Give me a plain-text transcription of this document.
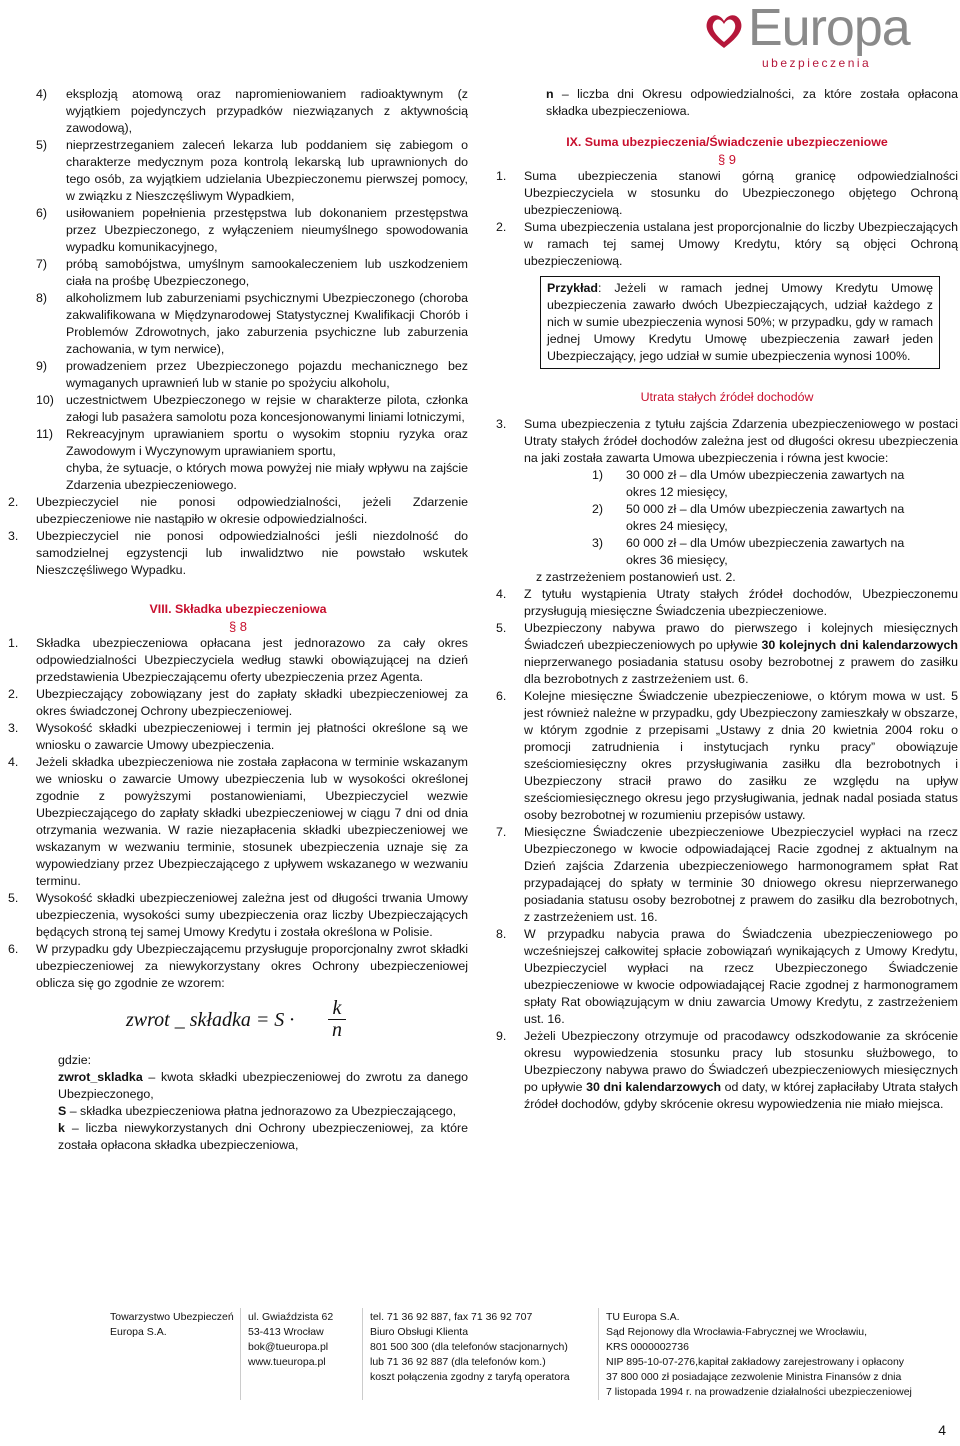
Europa
ubezpieczenia
4) eksplozją atomową oraz napromieniowaniem radioaktywnym (z wyjątkiem pojedynczych przypadków niezwiązanych z aktywnością zawodową),
5) nieprzestrzeganiem zaleceń lekarza lub poddaniem się zabiegom o charakterze medycznym poza kontrolą lekarską lub uprawnionych do tego osób, za wyjątkiem udzielania Ubezpieczonemu pierwszej pomocy, w związku z Nieszczęśliwym Wypadkiem,
6) usiłowaniem popełnienia przestępstwa lub dokonaniem przestępstwa przez Ubezpieczonego, z wyłączeniem nieumyślnego spowodowania wypadku komunikacyjnego,
7) próbą samobójstwa, umyślnym samookaleczeniem lub uszkodzeniem ciała na prośbę Ubezpieczonego,
8) alkoholizmem lub zaburzeniami psychicznymi Ubezpieczonego (choroba zakwalifikowana w Międzynarodowej Statystycznej Kwalifikacji Chorób i Problemów Zdrowotnych, jako zaburzenia psychiczne lub zaburzenia zachowania, w tym nerwice),
9) prowadzeniem przez Ubezpieczonego pojazdu mechanicznego bez wymaganych uprawnień lub w stanie po spożyciu alkoholu,
10) uczestnictwem Ubezpieczonego w rejsie w charakterze pilota, członka załogi lub pasażera samolotu poza koncesjonowanymi liniami lotniczymi,
11) Rekreacyjnym uprawianiem sportu o wysokim stopniu ryzyka oraz Zawodowym i Wyczynowym uprawianiem sportu,
chyba, że sytuacje, o których mowa powyżej nie miały wpływu na zajście Zdarzenia ubezpieczeniowego.
2. Ubezpieczyciel nie ponosi odpowiedzialności, jeżeli Zdarzenie ubezpieczeniowe nie nastąpiło w okresie odpowiedzialności.
3. Ubezpieczyciel nie ponosi odpowiedzialności jeśli niezdolność do samodzielnej egzystencji lub inwalidztwo nie powstało wskutek Nieszczęśliwego Wypadku.
VIII. Składka ubezpieczeniowa
§ 8
1. Składka ubezpieczeniowa opłacana jest jednorazowo za cały okres odpowiedzialności Ubezpieczyciela według stawki obowiązującej na dzień przedstawienia Ubezpieczającemu oferty ubezpieczenia przez Agenta.
2. Ubezpieczający zobowiązany jest do zapłaty składki ubezpieczeniowej za okres świadczonej Ochrony ubezpieczeniowej.
3. Wysokość składki ubezpieczeniowej i termin jej płatności określone są we wniosku o zawarcie Umowy ubezpieczenia.
4. Jeżeli składka ubezpieczeniowa nie została zapłacona w terminie wskazanym we wniosku o zawarcie Umowy ubezpieczenia lub w wysokości określonej zgodnie z powyższymi postanowieniami, Ubezpieczyciel wezwie Ubezpieczającego do zapłaty składki ubezpieczeniowej w ciągu 7 dni od dnia otrzymania wezwania. W razie niezapłacenia składki ubezpieczeniowej we wskazanym w wezwaniu terminie, stosunek ubezpieczenia uznaje się za wypowiedziany przez Ubezpieczającego z upływem wskazanego w wezwaniu terminu.
5. Wysokość składki ubezpieczeniowej zależna jest od długości trwania Umowy ubezpieczenia, wysokości sumy ubezpieczenia oraz liczby Ubezpieczających będących stroną tej samej Umowy Kredytu i została określona w Polisie.
6. W przypadku gdy Ubezpieczającemu przysługuje proporcjonalny zwrot składki ubezpieczeniowej za niewykorzystany okres Ochrony ubezpieczeniowej oblicza się go zgodnie ze wzorem:
zwrot _ składka = S ·
k
n
gdzie:
zwrot_skladka – kwota składki ubezpieczeniowej do zwrotu za danego Ubezpieczonego,
S – składka ubezpieczeniowa płatna jednorazowo za Ubezpieczającego,
k – liczba niewykorzystanych dni Ochrony ubezpieczeniowej, za które została opłacona składka ubezpieczeniowa,
n – liczba dni Okresu odpowiedzialności, za które została opłacona składka ubezpieczeniowa.
IX. Suma ubezpieczenia/Świadczenie ubezpieczeniowe
§ 9
1. Suma ubezpieczenia stanowi górną granicę odpowiedzialności Ubezpieczyciela w stosunku do Ubezpieczonego objętego Ochroną ubezpieczeniową.
2. Suma ubezpieczenia ustalana jest proporcjonalnie do liczby Ubezpieczających w ramach tej samej Umowy Kredytu, który są objęci Ochroną ubezpieczeniową.
Przykład: Jeżeli w ramach jednej Umowy Kredytu Umowę ubezpieczenia zawarło dwóch Ubezpieczających, udział każdego z nich w sumie ubezpieczenia wynosi 50%; w przypadku, gdy w ramach jednej Umowy Kredytu Umowę ubezpieczenia zawarł jeden Ubezpieczający, jego udział w sumie ubezpieczenia wynosi 100%.
Utrata stałych źródeł dochodów
3. Suma ubezpieczenia z tytułu zajścia Zdarzenia ubezpieczeniowego w postaci Utraty stałych źródeł dochodów zależna jest od długości okresu ubezpieczenia na jaki została zawarta Umowa ubezpieczenia i równa jest kwocie:
1) 30 000 zł – dla Umów ubezpieczenia zawartych na okres 12 miesięcy,
2) 50 000 zł – dla Umów ubezpieczenia zawartych na okres 24 miesięcy,
3) 60 000 zł – dla Umów ubezpieczenia zawartych na okres 36 miesięcy,
z zastrzeżeniem postanowień ust. 2.
4. Z tytułu wystąpienia Utraty stałych źródeł dochodów, Ubezpieczonemu przysługują miesięczne Świadczenia ubezpieczeniowe.
5. Ubezpieczony nabywa prawo do pierwszego i kolejnych miesięcznych Świadczeń ubezpieczeniowych po upływie 30 kolejnych dni kalendarzowych nieprzerwanego posiadania statusu osoby bezrobotnej z prawem do zasiłku dla bezrobotnych z zastrzeżeniem ust. 6.
6. Kolejne miesięczne Świadczenie ubezpieczeniowe, o którym mowa w ust. 5 jest również należne w przypadku, gdy Ubezpieczony zamieszkały w obszarze, w którym zgodnie z przepisami „Ustawy z dnia 20 kwietnia 2004 roku o promocji zatrudnienia i instytucjach rynku pracy” obowiązuje sześciomiesięczny okres przysługiwania zasiłku dla bezrobotnych i Ubezpieczony stracił prawo do zasiłku ze względu na upływ sześciomiesięcznego okresu jego przysługiwania, jednak nadal posiada status osoby bezrobotnej w rozumieniu przepisów ustawy.
7. Miesięczne Świadczenie ubezpieczeniowe Ubezpieczyciel wypłaci na rzecz Ubezpieczonego w kwocie odpowiadającej Racie zgodnej z aktualnym na Dzień zajścia Zdarzenia ubezpieczeniowego harmonogramem spłat Rat przypadającej do spłaty w terminie 30 dniowego okresu nieprzerwanego posiadania statusu osoby bezrobotnej z prawem do zasiłku dla bezrobotnych, z zastrzeżeniem ust. 16.
8. W przypadku nabycia prawa do Świadczenia ubezpieczeniowego po wcześniejszej całkowitej spłacie zobowiązań wynikających z Umowy Kredytu, Ubezpieczyciel wypłaci na rzecz Ubezpieczonego Świadczenie ubezpieczeniowe w kwocie odpowiadającej Racie zgodnej z harmonogramem spłaty Rat obowiązującym w dniu zawarcia Umowy Kredytu, z zastrzeżeniem ust. 16.
9. Jeżeli Ubezpieczony otrzymuje od pracodawcy odszkodowanie za skrócenie okresu wypowiedzenia stosunku pracy lub stosunku służbowego, to Ubezpieczony nabywa prawo do Świadczeń ubezpieczeniowych miesięcznych po upływie 30 dni kalendarzowych od daty, w której zapłaciłaby Utrata stałych źródeł dochodów, gdyby skrócenie okresu wypowiedzenia nie miało miejsca.
Towarzystwo Ubezpieczeń
Europa S.A.
ul. Gwiaździsta 62
53-413 Wrocław
bok@tueuropa.pl
www.tueuropa.pl
tel. 71 36 92 887, fax 71 36 92 707
Biuro Obsługi Klienta
801 500 300 (dla telefonów stacjonarnych)
lub 71 36 92 887 (dla telefonów kom.)
koszt połączenia zgodny z taryfą operatora
TU Europa S.A.
Sąd Rejonowy dla Wrocławia-Fabrycznej we Wrocławiu,
KRS 0000002736
NIP 895-10-07-276,kapitał zakładowy zarejestrowany i opłacony
37 800 000 zł posiadające zezwolenie Ministra Finansów z dnia
7 listopada 1994 r. na prowadzenie działalności ubezpieczeniowej
4
